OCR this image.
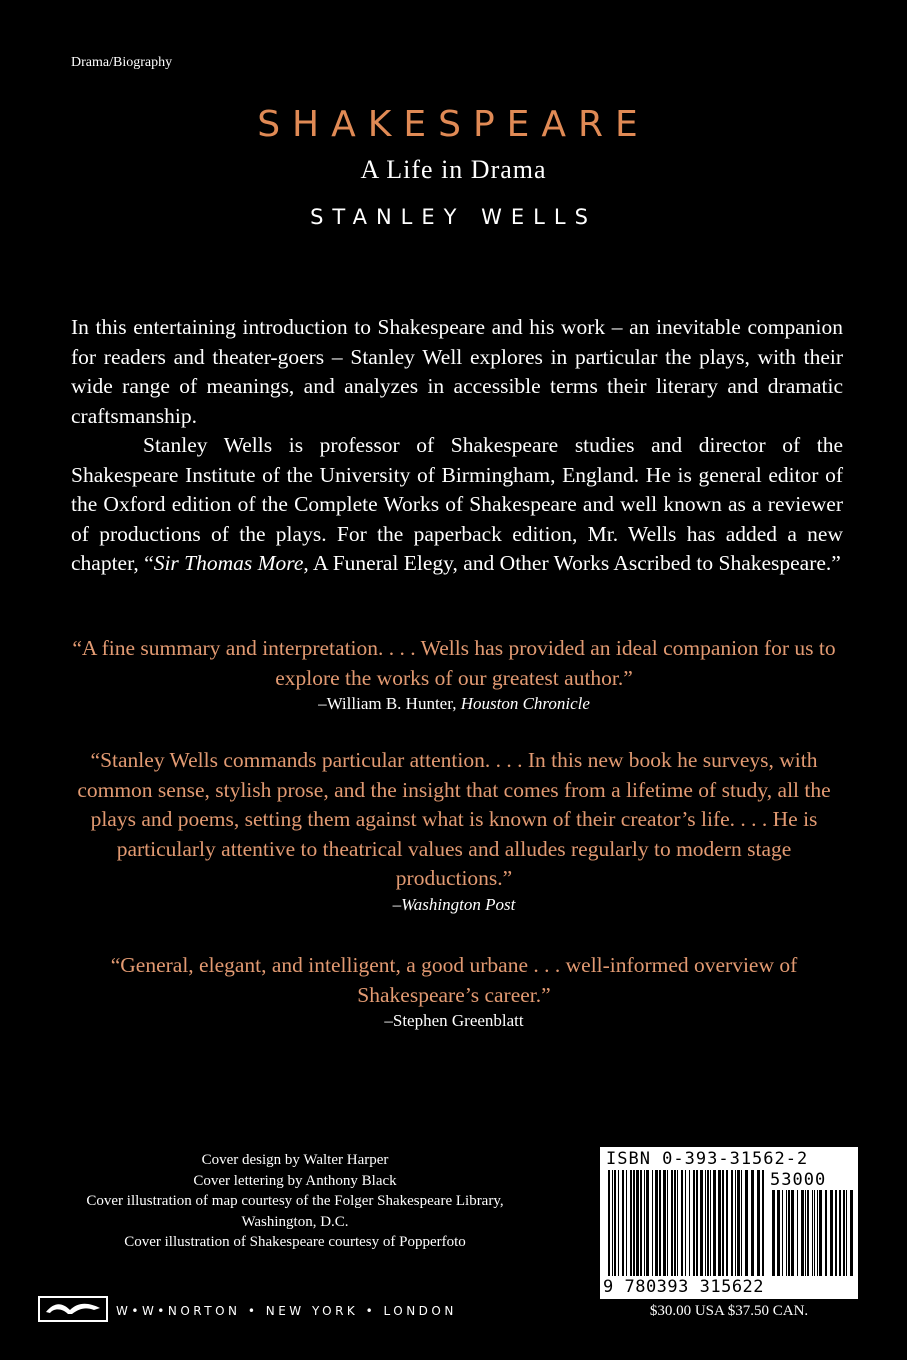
Drama/Biography
SHAKESPEARE
A Life in Drama
STANLEY WELLS

In this entertaining introduction to Shakespeare and his work – an inevitable companion for readers and theater-goers – Stanley Well explores in particular the plays, with their wide range of meanings, and analyzes in accessible terms their literary and dramatic craftsmanship.

Stanley Wells is professor of Shakespeare studies and director of the Shakespeare Institute of the University of Birmingham, England. He is general editor of the Oxford edition of the Complete Works of Shakespeare and well known as a reviewer of productions of the plays. For the paperback edition, Mr. Wells has added a new chapter, “Sir Thomas More, A Funeral Elegy, and Other Works Ascribed to Shakespeare.”

“A fine summary and interpretation. . . . Wells has provided an ideal companion for us to explore the works of our greatest author.”
–William B. Hunter, Houston Chronicle
“Stanley Wells commands particular attention. . . . In this new book he surveys, with common sense, stylish prose, and the insight that comes from a lifetime of study, all the plays and poems, setting them against what is known of their creator’s life. . . . He is particularly attentive to theatrical values and alludes regularly to modern stage productions.”
–Washington Post
“General, elegant, and intelligent, a good urbane . . . well-informed overview of Shakespeare’s career.”
–Stephen Greenblatt
Cover design by Walter Harper
Cover lettering by Anthony Black
Cover illustration of map courtesy of the Folger Shakespeare Library,
Washington, D.C.
Cover illustration of Shakespeare courtesy of Popperfoto
W•W•NORTON • NEW YORK • LONDON
ISBN 0-393-31562-2
53000
9 780393 315622
$30.00 USA $37.50 CAN.
